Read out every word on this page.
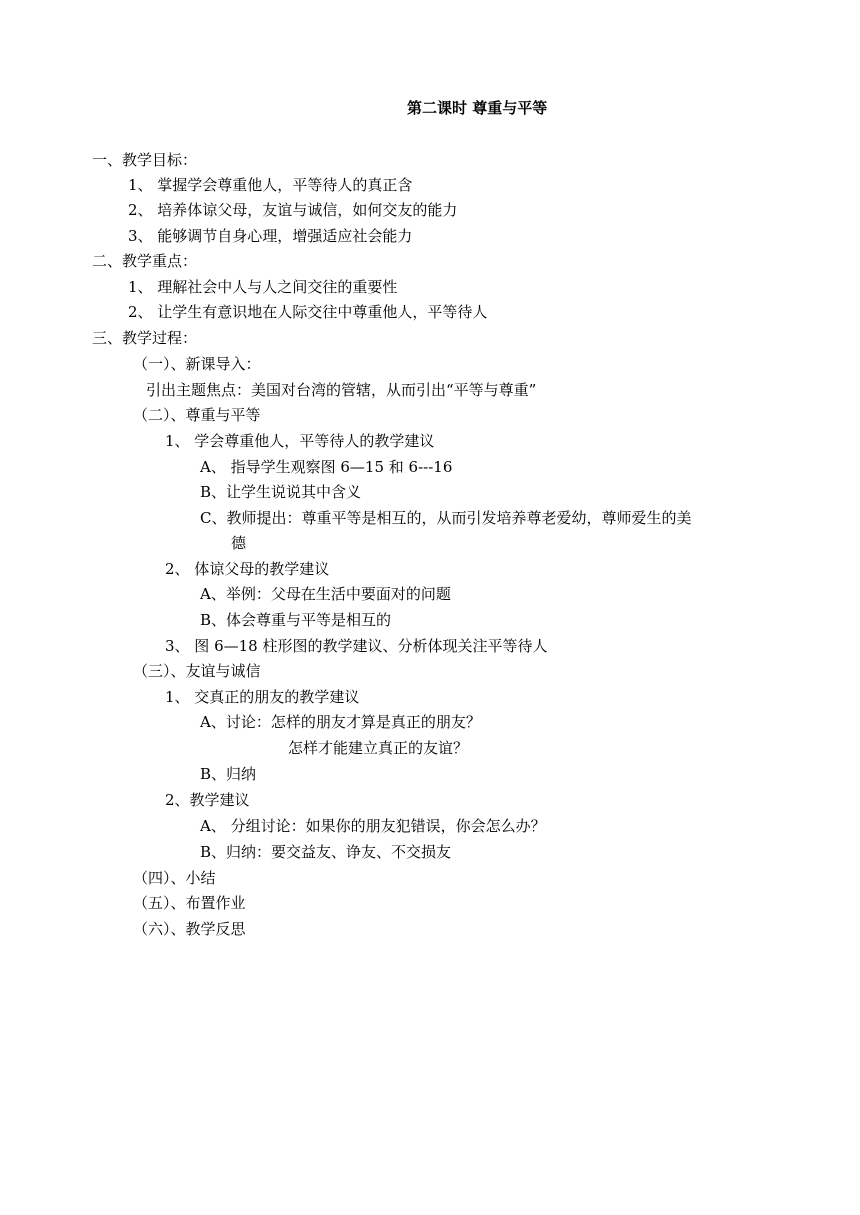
第二课时 尊重与平等
一、教学目标：
1、 掌握学会尊重他人，平等待人的真正含
2、 培养体谅父母，友谊与诚信，如何交友的能力
3、 能够调节自身心理，增强适应社会能力
二、教学重点：
1、 理解社会中人与人之间交往的重要性
2、 让学生有意识地在人际交往中尊重他人，平等待人
三、教学过程：
（一）、新课导入：
引出主题焦点：美国对台湾的管辖，从而引出“平等与尊重”
（二）、尊重与平等
1、 学会尊重他人，平等待人的教学建议
A、 指导学生观察图 6—15 和 6---16
B、让学生说说其中含义
C、教师提出：尊重平等是相互的，从而引发培养尊老爱幼，尊师爱生的美
德
2、 体谅父母的教学建议
A、举例：父母在生活中要面对的问题
B、体会尊重与平等是相互的
3、 图 6—18 柱形图的教学建议、分析体现关注平等待人
（三）、友谊与诚信
1、 交真正的朋友的教学建议
A、讨论：怎样的朋友才算是真正的朋友？
怎样才能建立真正的友谊？
B、归纳
2、教学建议
A、 分组讨论：如果你的朋友犯错误，你会怎么办？
B、归纳：要交益友、诤友、不交损友
（四）、小结
（五）、布置作业
（六）、教学反思
